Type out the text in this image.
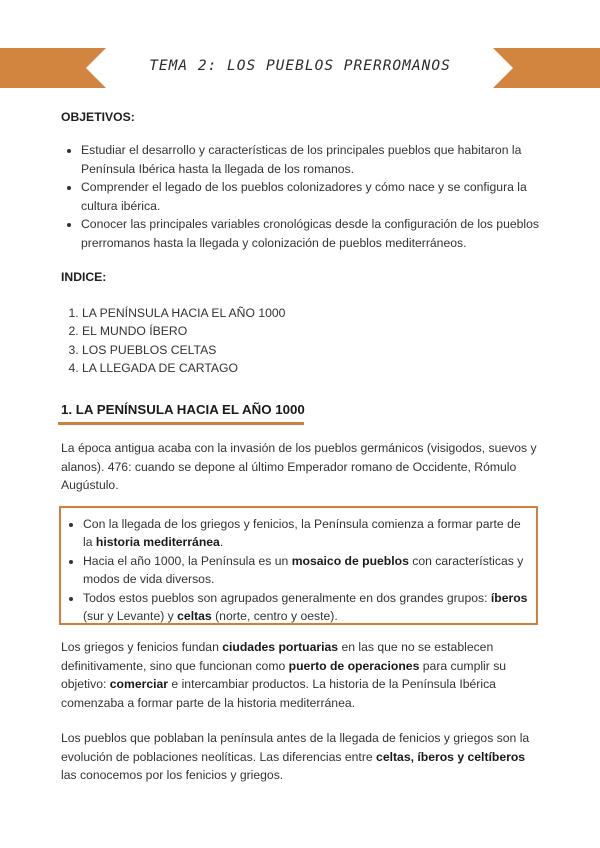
TEMA 2: LOS PUEBLOS PRERROMANOS
OBJETIVOS:
• Estudiar el desarrollo y características de los principales pueblos que habitaron la Península Ibérica hasta la llegada de los romanos.
• Comprender el legado de los pueblos colonizadores y cómo nace y se configura la cultura ibérica.
• Conocer las principales variables cronológicas desde la configuración de los pueblos prerromanos hasta la llegada y colonización de pueblos mediterráneos.
INDICE:
1. LA PENÍNSULA HACIA EL AÑO 1000
2. EL MUNDO ÍBERO
3. LOS PUEBLOS CELTAS
4. LA LLEGADA DE CARTAGO
1. LA PENÍNSULA HACIA EL AÑO 1000

La época antigua acaba con la invasión de los pueblos germánicos (visigodos, suevos y alanos). 476: cuando se depone al último Emperador romano de Occidente, Rómulo Augústulo.

• Con la llegada de los griegos y fenicios, la Península comienza a formar parte de la historia mediterránea.
• Hacia el año 1000, la Península es un mosaico de pueblos con características y modos de vida diversos.
• Todos estos pueblos son agrupados generalmente en dos grandes grupos: íberos (sur y Levante) y celtas (norte, centro y oeste).

Los griegos y fenicios fundan ciudades portuarias en las que no se establecen definitivamente, sino que funcionan como puerto de operaciones para cumplir su objetivo: comerciar e intercambiar productos. La historia de la Península Ibérica comenzaba a formar parte de la historia mediterránea.

Los pueblos que poblaban la península antes de la llegada de fenicios y griegos son la evolución de poblaciones neolíticas. Las diferencias entre celtas, íberos y celtíberos las conocemos por los fenicios y griegos.
